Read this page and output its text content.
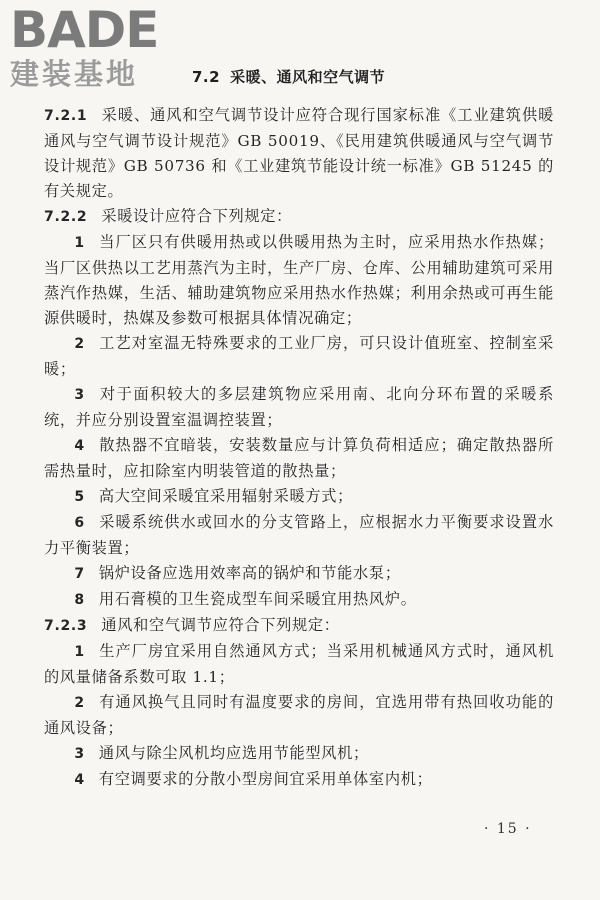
BADE
建装基地	7.2 采暖、通风和空气调节

7.2.1 采暖、通风和空气调节设计应符合现行国家标准《工业建筑供暖通风与空气调节设计规范》GB 50019、《民用建筑供暖通风与空气调节设计规范》GB 50736 和《工业建筑节能设计统一标准》GB 51245 的有关规定。

7.2.2 采暖设计应符合下列规定：

1 当厂区只有供暖用热或以供暖用热为主时，应采用热水作热媒；当厂区供热以工艺用蒸汽为主时，生产厂房、仓库、公用辅助建筑可采用蒸汽作热媒，生活、辅助建筑物应采用热水作热媒；利用余热或可再生能源供暖时，热媒及参数可根据具体情况确定；

2 工艺对室温无特殊要求的工业厂房，可只设计值班室、控制室采暖；

3 对于面积较大的多层建筑物应采用南、北向分环布置的采暖系统，并应分别设置室温调控装置；

4 散热器不宜暗装，安装数量应与计算负荷相适应；确定散热器所需热量时，应扣除室内明装管道的散热量；

5 高大空间采暖宜采用辐射采暖方式；

6 采暖系统供水或回水的分支管路上，应根据水力平衡要求设置水力平衡装置；

7 锅炉设备应选用效率高的锅炉和节能水泵；

8 用石膏模的卫生瓷成型车间采暖宜用热风炉。

7.2.3 通风和空气调节应符合下列规定：

1 生产厂房宜采用自然通风方式；当采用机械通风方式时，通风机的风量储备系数可取 1.1；

2 有通风换气且同时有温度要求的房间，宜选用带有热回收功能的通风设备；

3 通风与除尘风机均应选用节能型风机；

4 有空调要求的分散小型房间宜采用单体室内机；

· 15 ·
